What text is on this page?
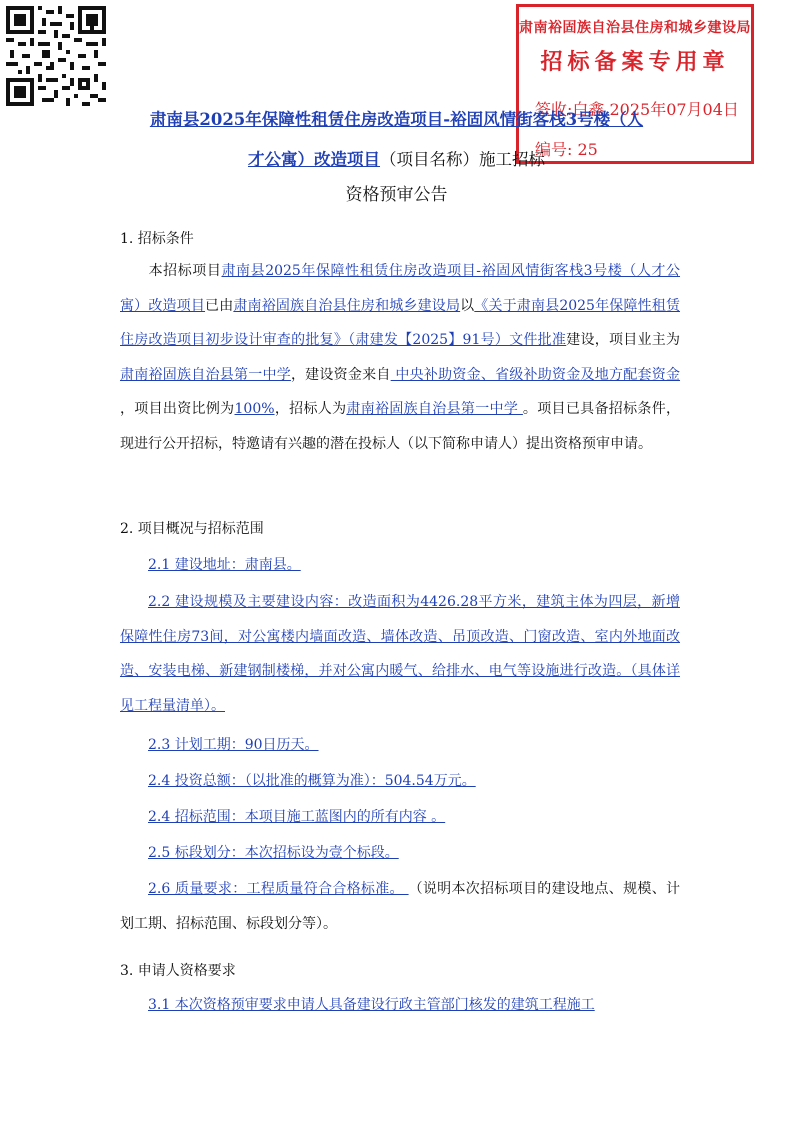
肃南裕固族自治县住房和城乡建设局
招标备案专用章
签收:白鑫 2025年07月04日
编号: 25
肃南县2025年保障性租赁住房改造项目-裕固风情街客栈3号楼（人
才公寓）改造项目（项目名称）施工招标
资格预审公告
1. 招标条件
本招标项目肃南县2025年保障性租赁住房改造项目-裕固风情街客栈3号楼（人才公寓）改造项目已由肃南裕固族自治县住房和城乡建设局以《关于肃南县2025年保障性租赁住房改造项目初步设计审查的批复》（肃建发【2025】91号）文件批准建设，项目业主为 肃南裕固族自治县第一中学，建设资金来自 中央补助资金、省级补助资金及地方配套资金 ，项目出资比例为100%，招标人为肃南裕固族自治县第一中学 。项目已具备招标条件，现进行公开招标，特邀请有兴趣的潜在投标人（以下简称申请人）提出资格预审申请。
2. 项目概况与招标范围
2.1 建设地址：肃南县。
2.2 建设规模及主要建设内容：改造面积为4426.28平方米，建筑主体为四层，新增保障性住房73间，对公寓楼内墙面改造、墙体改造、吊顶改造、门窗改造、室内外地面改造、安装电梯、新建钢制楼梯，并对公寓内暖气、给排水、电气等设施进行改造。（具体详见工程量清单）。
2.3 计划工期：90日历天。
2.4 投资总额：（以批准的概算为准）：504.54万元。
2.4 招标范围：本项目施工蓝图内的所有内容 。
2.5 标段划分：本次招标设为壹个标段。
2.6 质量要求：工程质量符合合格标准。 （说明本次招标项目的建设地点、规模、计划工期、招标范围、标段划分等）。
3. 申请人资格要求
3.1 本次资格预审要求申请人具备建设行政主管部门核发的建筑工程施工
